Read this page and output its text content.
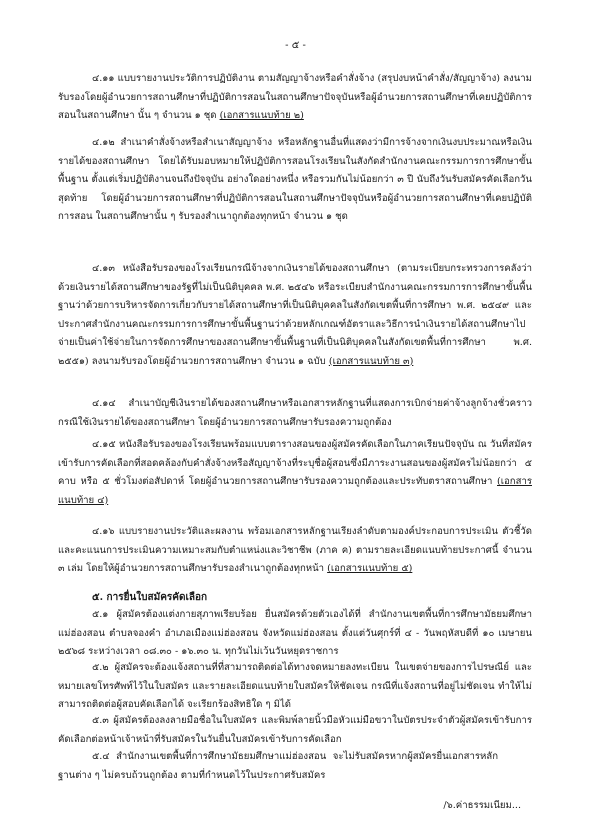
- ๕ -

๔.๑๑ แบบรายงานประวัติการปฏิบัติงาน ตามสัญญาจ้างหรือคำสั่งจ้าง (สรุปงบหน้าคำสั่ง/สัญญาจ้าง) ลงนามรับรองโดยผู้อำนวยการสถานศึกษาที่ปฏิบัติการสอนในสถานศึกษาปัจจุบันหรือผู้อำนวยการสถานศึกษาที่เคยปฏิบัติการสอนในสถานศึกษา นั้น ๆ จำนวน ๑ ชุด (เอกสารแนบท้าย ๒)

๔.๑๒ สำเนาคำสั่งจ้างหรือสำเนาสัญญาจ้าง หรือหลักฐานอื่นที่แสดงว่ามีการจ้างจากเงินงบประมาณหรือเงินรายได้ของสถานศึกษา โดยได้รับมอบหมายให้ปฏิบัติการสอนโรงเรียนในสังกัดสำนักงานคณะกรรมการการศึกษาขั้นพื้นฐาน ตั้งแต่เริ่มปฏิบัติงานจนถึงปัจจุบัน อย่างใดอย่างหนึ่ง หรือรวมกันไม่น้อยกว่า ๓ ปี นับถึงวันรับสมัครคัดเลือกวันสุดท้าย โดยผู้อำนวยการสถานศึกษาที่ปฏิบัติการสอนในสถานศึกษาปัจจุบันหรือผู้อำนวยการสถานศึกษาที่เคยปฏิบัติการสอน ในสถานศึกษานั้น ๆ รับรองสำเนาถูกต้องทุกหน้า จำนวน ๑ ชุด

๔.๑๓ หนังสือรับรองของโรงเรียนกรณีจ้างจากเงินรายได้ของสถานศึกษา (ตามระเบียบกระทรวงการคลังว่าด้วยเงินรายได้สถานศึกษาของรัฐที่ไม่เป็นนิติบุคคล พ.ศ. ๒๕๔๖ หรือระเบียบสำนักงานคณะกรรมการการศึกษาขั้นพื้นฐานว่าด้วยการบริหารจัดการเกี่ยวกับรายได้สถานศึกษาที่เป็นนิติบุคคลในสังกัดเขตพื้นที่การศึกษา พ.ศ. ๒๕๔๙ และประกาศสำนักงานคณะกรรมการการศึกษาขั้นพื้นฐานว่าด้วยหลักเกณฑ์อัตราและวิธีการนำเงินรายได้สถานศึกษาไปจ่ายเป็นค่าใช้จ่ายในการจัดการศึกษาของสถานศึกษาขั้นพื้นฐานที่เป็นนิติบุคคลในสังกัดเขตพื้นที่การศึกษา พ.ศ. ๒๕๕๑) ลงนามรับรองโดยผู้อำนวยการสถานศึกษา จำนวน ๑ ฉบับ (เอกสารแนบท้าย ๓)

๔.๑๔ สำเนาบัญชีเงินรายได้ของสถานศึกษาหรือเอกสารหลักฐานที่แสดงการเบิกจ่ายค่าจ้างลูกจ้างชั่วคราว กรณีใช้เงินรายได้ของสถานศึกษา โดยผู้อำนวยการสถานศึกษารับรองความถูกต้อง

๔.๑๕ หนังสือรับรองของโรงเรียนพร้อมแบบตารางสอนของผู้สมัครคัดเลือกในภาคเรียนปัจจุบัน ณ วันที่สมัครเข้ารับการคัดเลือกที่สอดคล้องกับคำสั่งจ้างหรือสัญญาจ้างที่ระบุชื่อผู้สอนซึ่งมีภาระงานสอนของผู้สมัครไม่น้อยกว่า ๕ คาบ หรือ ๕ ชั่วโมงต่อสัปดาห์ โดยผู้อำนวยการสถานศึกษารับรองความถูกต้องและประทับตราสถานศึกษา (เอกสารแนบท้าย ๔)

๔.๑๖ แบบรายงานประวัติและผลงาน พร้อมเอกสารหลักฐานเรียงลำดับตามองค์ประกอบการประเมิน ตัวชี้วัด และคะแนนการประเมินความเหมาะสมกับตำแหน่งและวิชาชีพ (ภาค ค) ตามรายละเอียดแนบท้ายประกาศนี้ จำนวน ๓ เล่ม โดยให้ผู้อำนวยการสถานศึกษารับรองสำเนาถูกต้องทุกหน้า (เอกสารแนบท้าย ๕)

๕. การยื่นใบสมัครคัดเลือก

๕.๑ ผู้สมัครต้องแต่งกายสุภาพเรียบร้อย ยื่นสมัครด้วยตัวเองได้ที่ สำนักงานเขตพื้นที่การศึกษามัธยมศึกษาแม่ฮ่องสอน ตำบลจองคำ อำเภอเมืองแม่ฮ่องสอน จังหวัดแม่ฮ่องสอน ตั้งแต่วันศุกร์ที่ ๔ - วันพฤหัสบดีที่ ๑๐ เมษายน ๒๕๖๘ ระหว่างเวลา ๐๘.๓๐ - ๑๖.๓๐ น. ทุกวันไม่เว้นวันหยุดราชการ

๕.๒ ผู้สมัครจะต้องแจ้งสถานที่ที่สามารถติดต่อได้ทางจดหมายลงทะเบียน ในเขตจ่ายของการไปรษณีย์ และหมายเลขโทรศัพท์ไว้ในใบสมัคร และรายละเอียดแนบท้ายใบสมัครให้ชัดเจน กรณีที่แจ้งสถานที่อยู่ไม่ชัดเจน ทำให้ไม่สามารถติดต่อผู้สอบคัดเลือกได้ จะเรียกร้องสิทธิใด ๆ มิได้

๕.๓ ผู้สมัครต้องลงลายมือชื่อในใบสมัคร และพิมพ์ลายนิ้วมือหัวแม่มือขวาในบัตรประจำตัวผู้สมัครเข้ารับการคัดเลือกต่อหน้าเจ้าหน้าที่รับสมัครในวันยื่นใบสมัครเข้ารับการคัดเลือก

๕.๔ สำนักงานเขตพื้นที่การศึกษามัธยมศึกษาแม่ฮ่องสอน จะไม่รับสมัครหากผู้สมัครยื่นเอกสารหลักฐานต่าง ๆ ไม่ครบถ้วนถูกต้อง ตามที่กำหนดไว้ในประกาศรับสมัคร

/๖.ค่าธรรมเนียม...
